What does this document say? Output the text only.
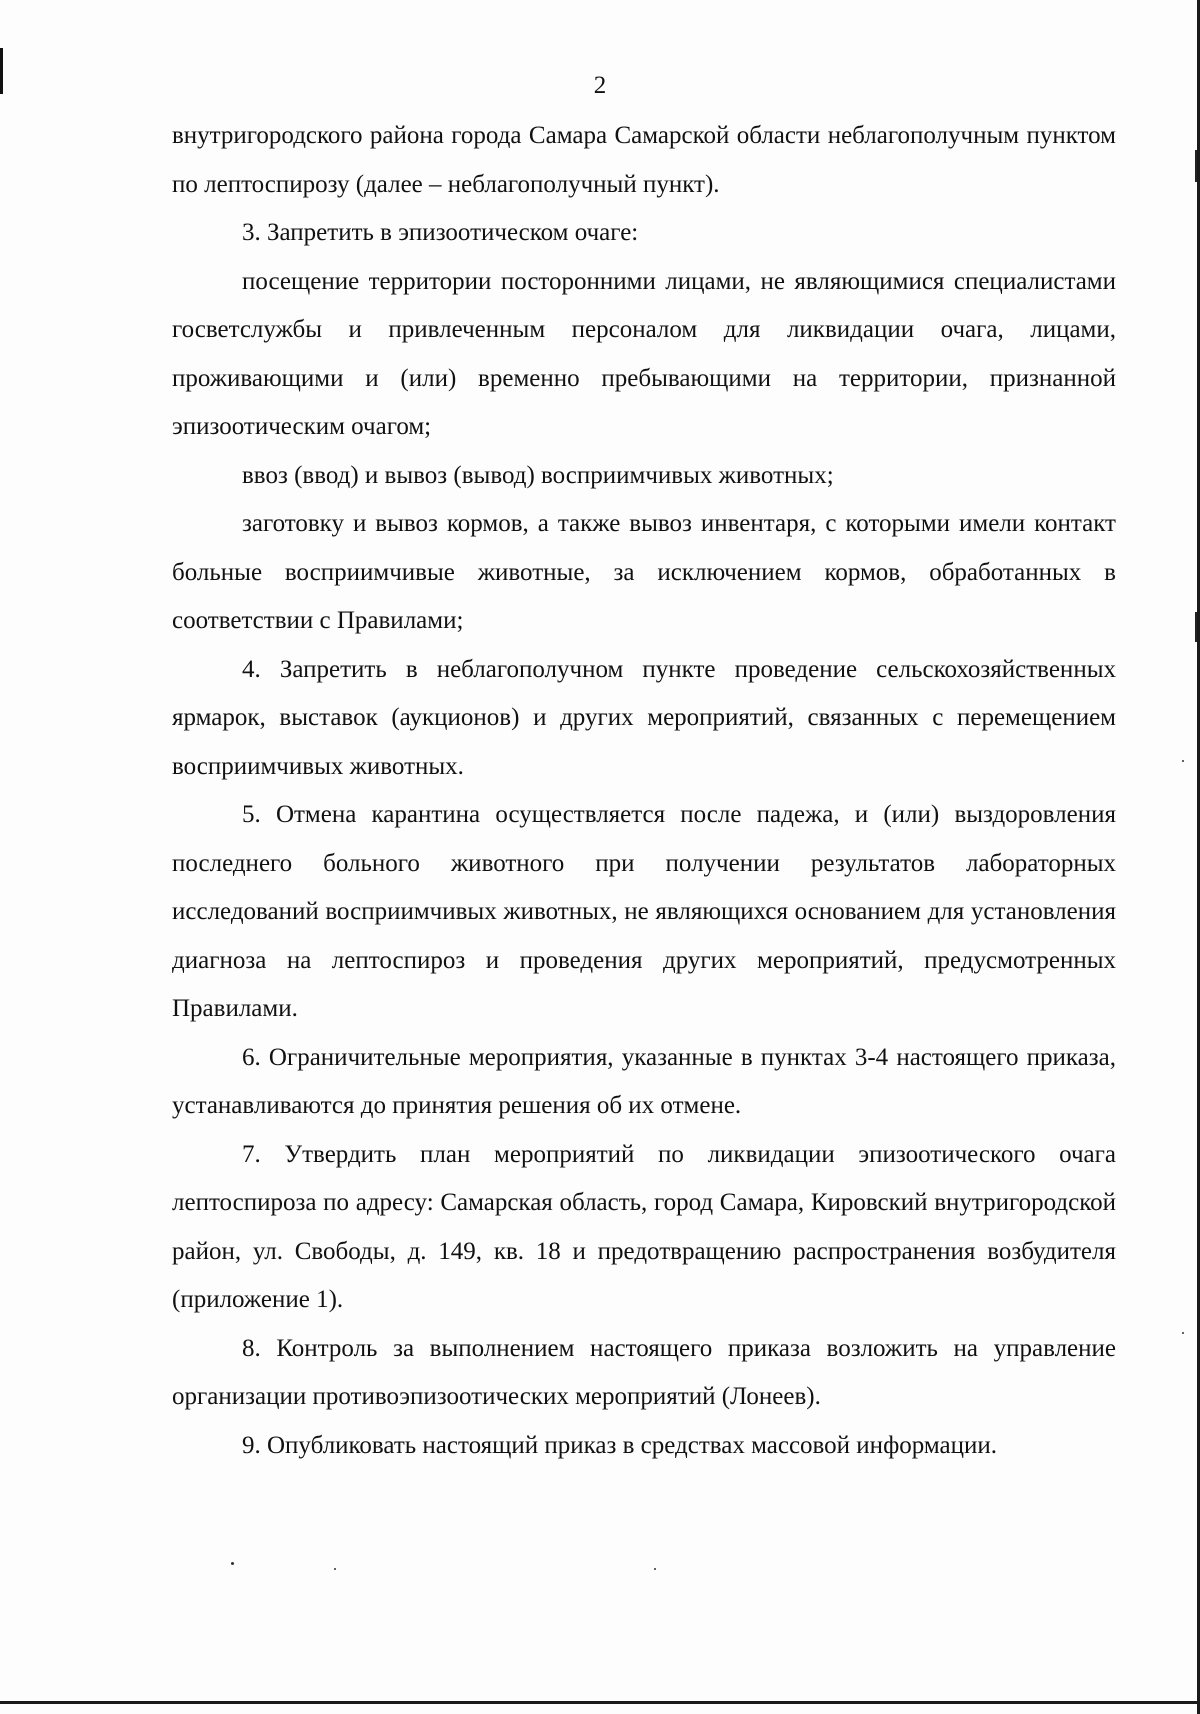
2

внутригородского района города Самара Самарской области неблагополучным пунктом по лептоспирозу (далее – неблагополучный пункт).

3. Запретить в эпизоотическом очаге:

посещение территории посторонними лицами, не являющимися специалистами госветслужбы и привлеченным персоналом для ликвидации очага, лицами, проживающими и (или) временно пребывающими на территории, признанной эпизоотическим очагом;

ввоз (ввод) и вывоз (вывод) восприимчивых животных;

заготовку и вывоз кормов, а также вывоз инвентаря, с которыми имели контакт больные восприимчивые животные, за исключением кормов, обработанных в соответствии с Правилами;

4. Запретить в неблагополучном пункте проведение сельскохозяйственных ярмарок, выставок (аукционов) и других мероприятий, связанных с перемещением восприимчивых животных.

5. Отмена карантина осуществляется после падежа, и (или) выздоровления последнего больного животного при получении результатов лабораторных исследований восприимчивых животных, не являющихся основанием для установления диагноза на лептоспироз и проведения других мероприятий, предусмотренных Правилами.

6. Ограничительные мероприятия, указанные в пунктах 3-4 настоящего приказа, устанавливаются до принятия решения об их отмене.

7. Утвердить план мероприятий по ликвидации эпизоотического очага лептоспироза по адресу: Самарская область, город Самара, Кировский внутригородской район, ул. Свободы, д. 149, кв. 18 и предотвращению распространения возбудителя (приложение 1).

8. Контроль за выполнением настоящего приказа возложить на управление организации противоэпизоотических мероприятий (Лонеев).

9. Опубликовать настоящий приказ в средствах массовой информации.
